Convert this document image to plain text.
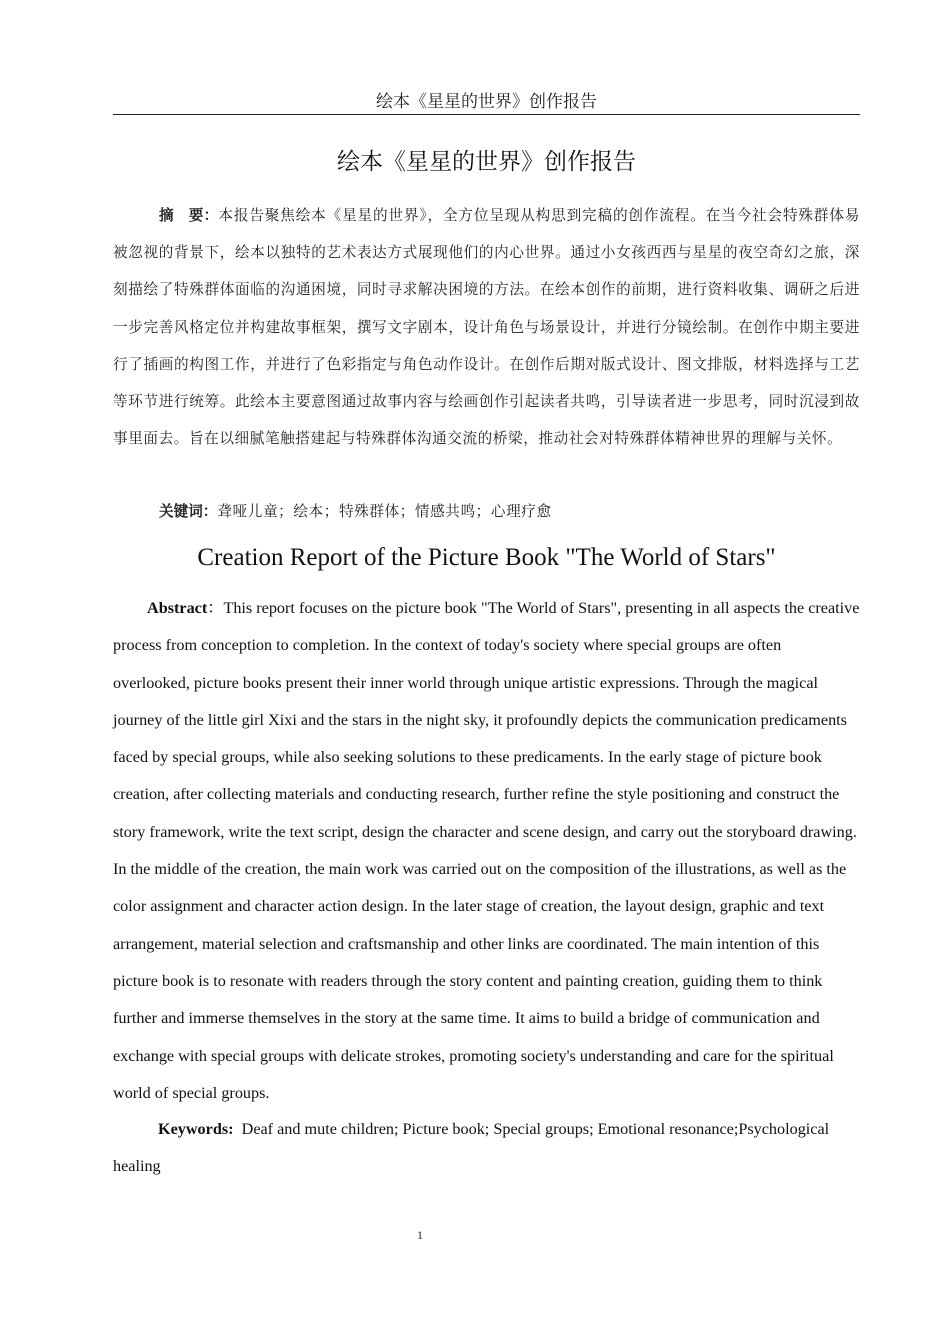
绘本《星星的世界》创作报告
绘本《星星的世界》创作报告

摘　要：本报告聚焦绘本《星星的世界》，全方位呈现从构思到完稿的创作流程。在当今社会特殊群体易被忽视的背景下，绘本以独特的艺术表达方式展现他们的内心世界。通过小女孩西西与星星的夜空奇幻之旅，深刻描绘了特殊群体面临的沟通困境，同时寻求解决困境的方法。在绘本创作的前期，进行资料收集、调研之后进一步完善风格定位并构建故事框架，撰写文字剧本，设计角色与场景设计，并进行分镜绘制。在创作中期主要进行了插画的构图工作，并进行了色彩指定与角色动作设计。在创作后期对版式设计、图文排版，材料选择与工艺等环节进行统筹。此绘本主要意图通过故事内容与绘画创作引起读者共鸣，引导读者进一步思考，同时沉浸到故事里面去。旨在以细腻笔触搭建起与特殊群体沟通交流的桥梁，推动社会对特殊群体精神世界的理解与关怀。

关键词：聋哑儿童；绘本；特殊群体；情感共鸣；心理疗愈

Creation Report of the Picture Book "The World of Stars"

Abstract：This report focuses on the picture book "The World of Stars", presenting in all aspects the creative process from conception to completion. In the context of today's society where special groups are often overlooked, picture books present their inner world through unique artistic expressions. Through the magical journey of the little girl Xixi and the stars in the night sky, it profoundly depicts the communication predicaments faced by special groups, while also seeking solutions to these predicaments. In the early stage of picture book creation, after collecting materials and conducting research, further refine the style positioning and construct the story framework, write the text script, design the character and scene design, and carry out the storyboard drawing. In the middle of the creation, the main work was carried out on the composition of the illustrations, as well as the color assignment and character action design. In the later stage of creation, the layout design, graphic and text arrangement, material selection and craftsmanship and other links are coordinated. The main intention of this picture book is to resonate with readers through the story content and painting creation, guiding them to think further and immerse themselves in the story at the same time. It aims to build a bridge of communication and exchange with special groups with delicate strokes, promoting society's understanding and care for the spiritual world of special groups.

Keywords: Deaf and mute children; Picture book; Special groups; Emotional resonance;Psychological healing

1
